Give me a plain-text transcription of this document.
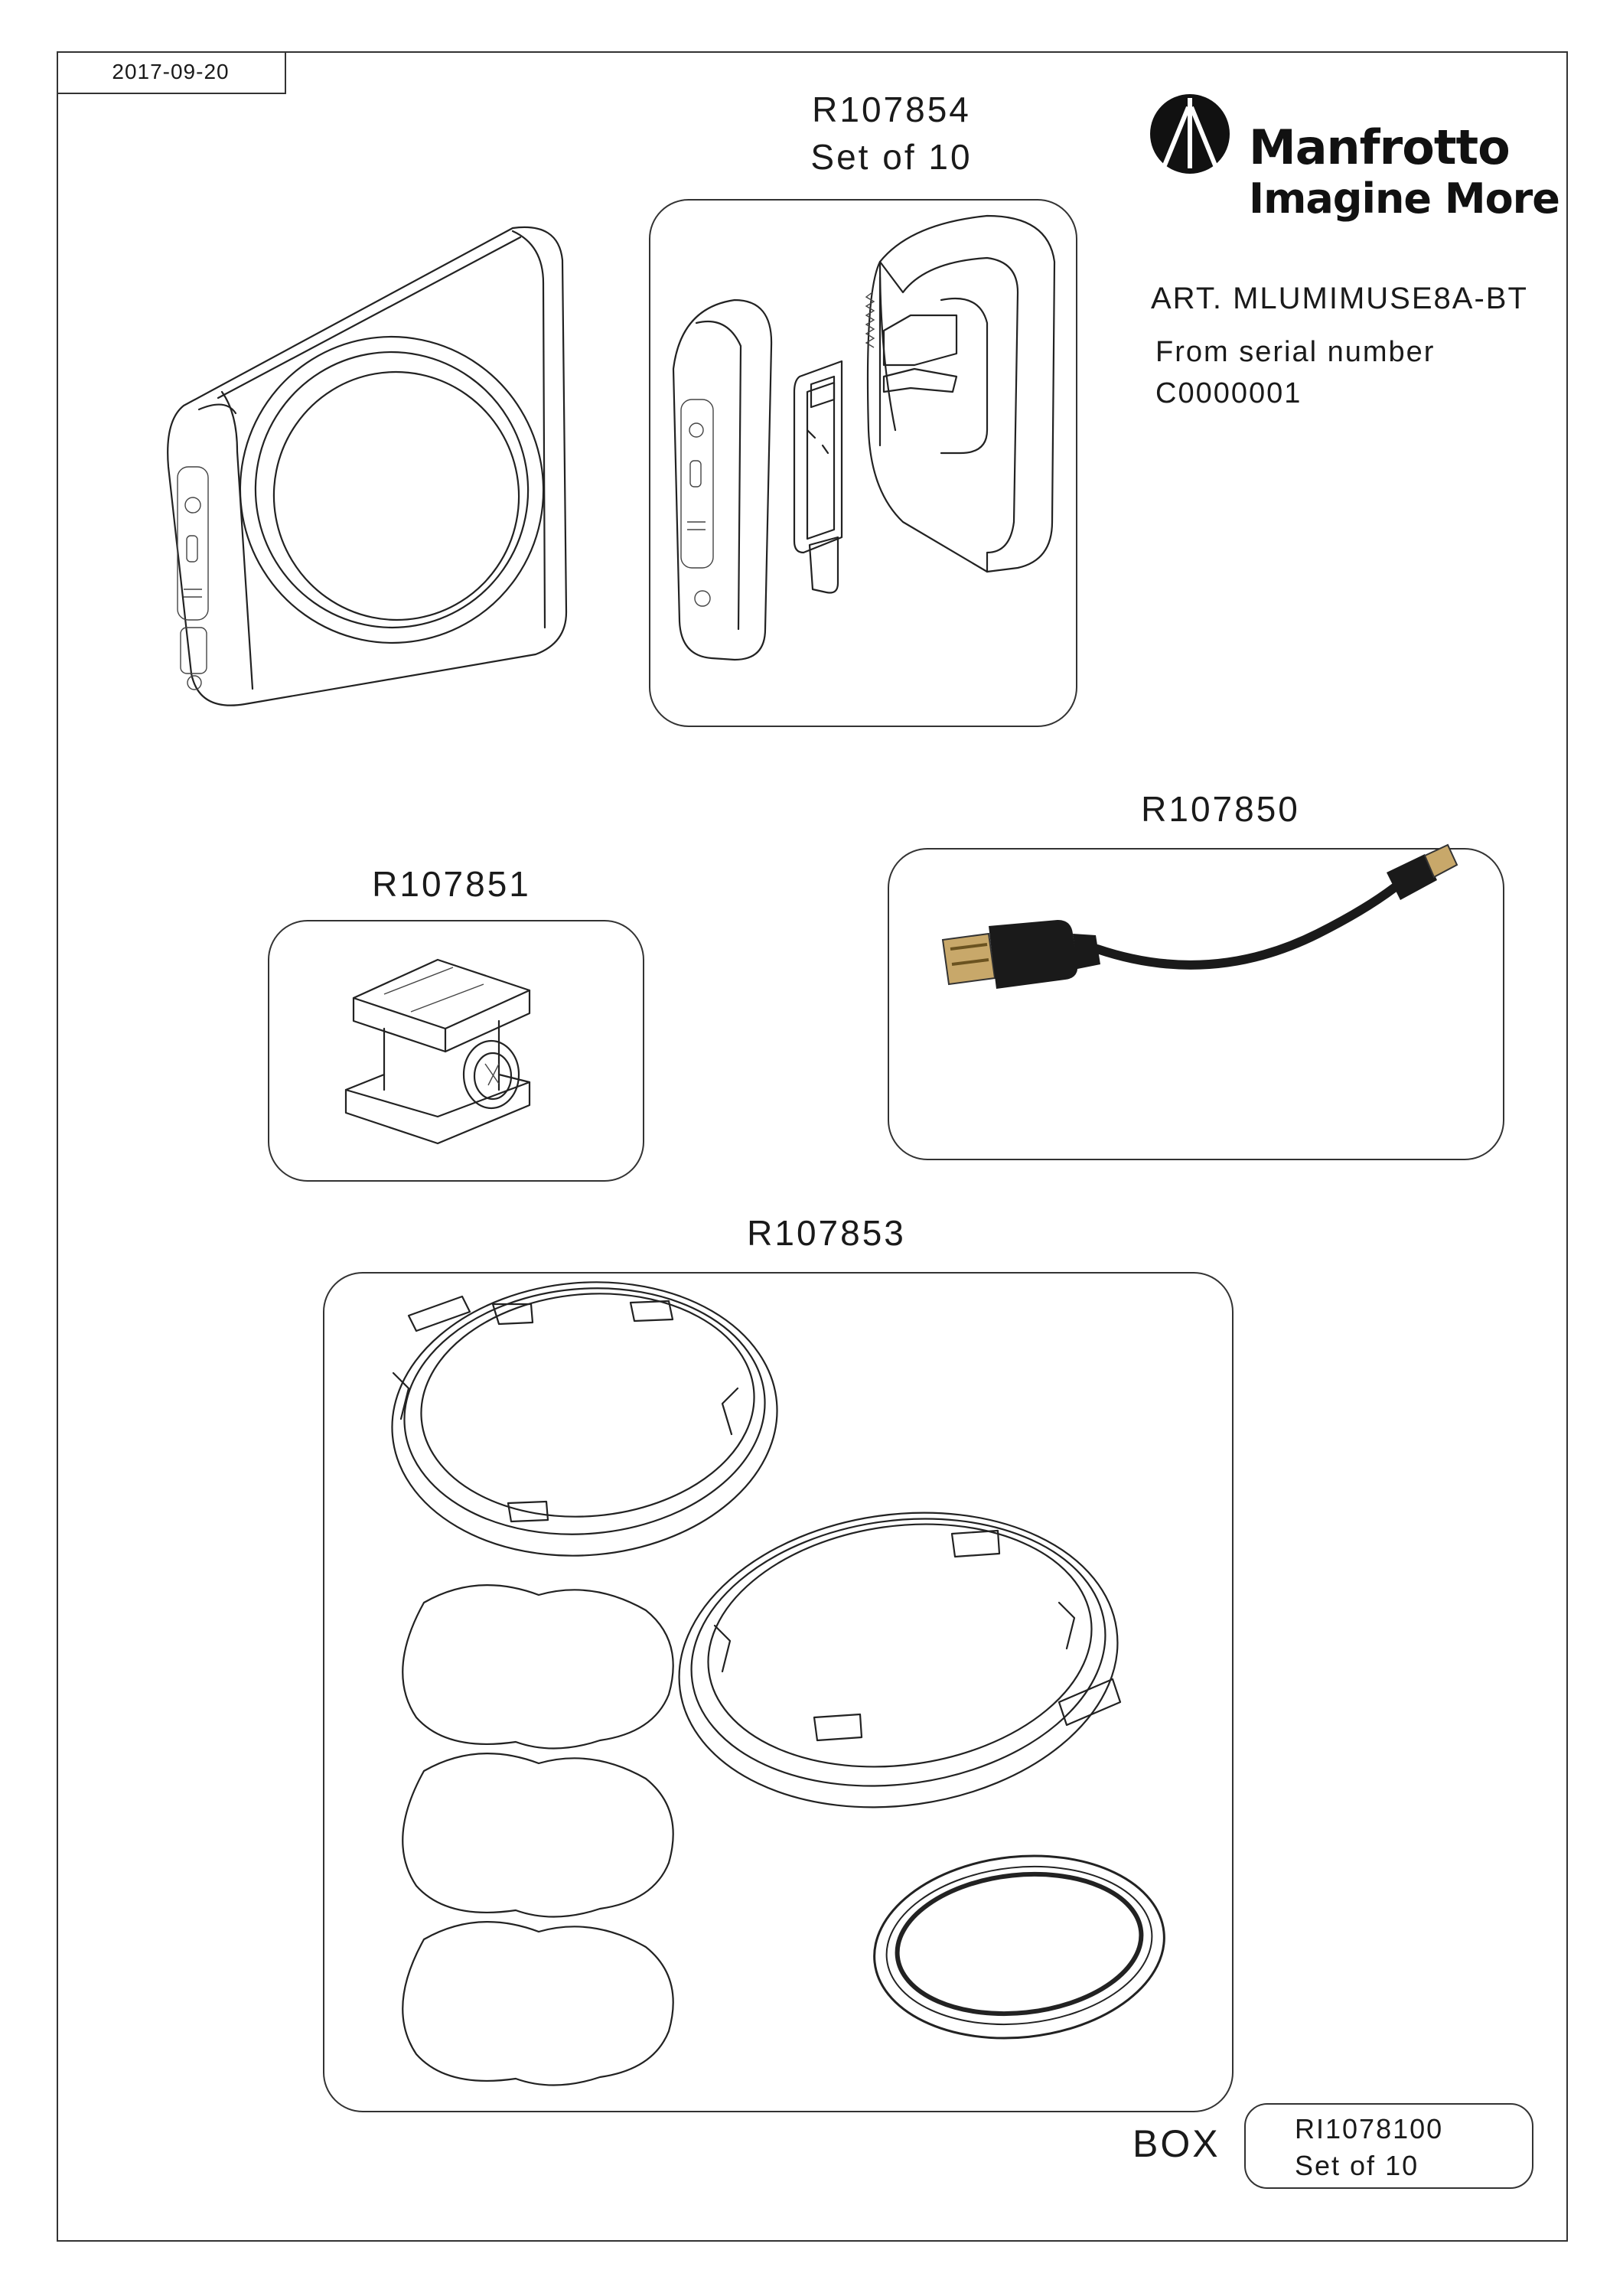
2017-09-20
Manfrotto
Imagine More
ART. MLUMIMUSE8A-BT
From serial number
C0000001
R107854
Set of 10
R107850
R107851
R107853
BOX	RI1078100
Set of 10
